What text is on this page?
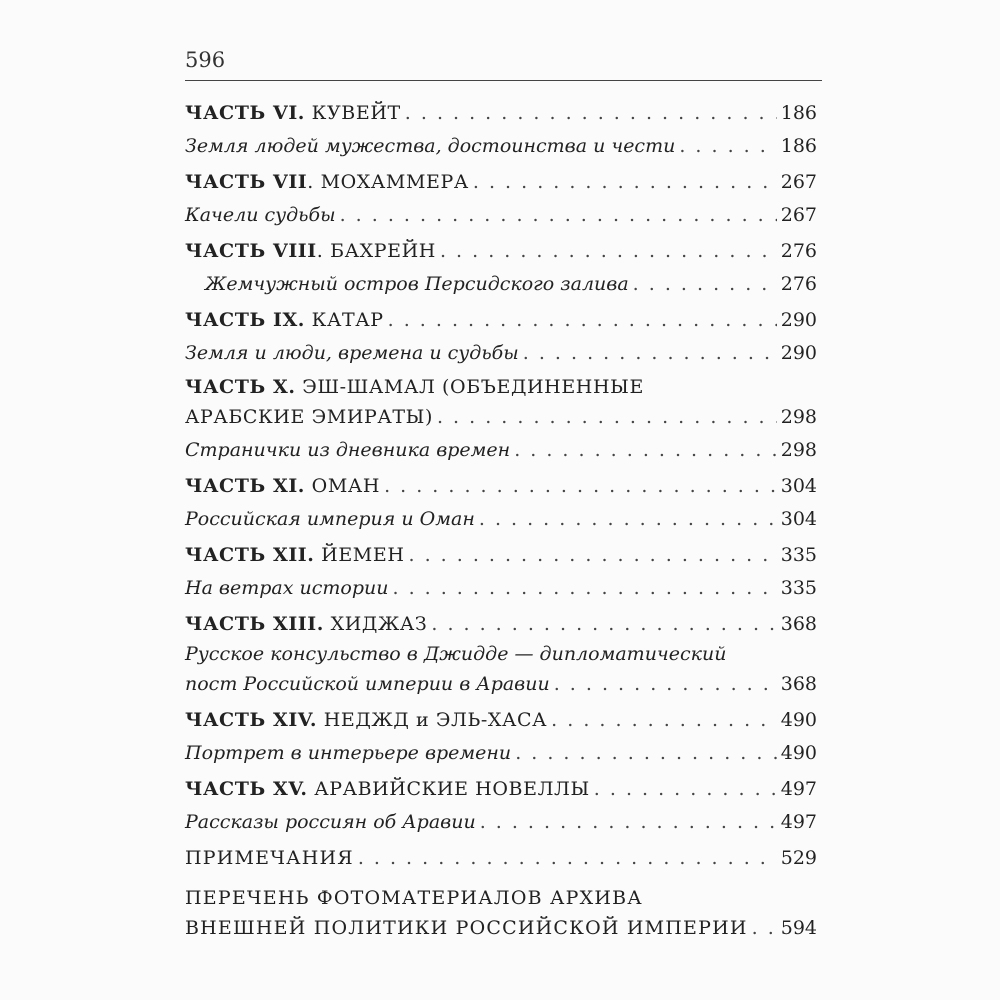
596
ЧАСТЬ VI. КУВЕЙТ . . .	186
Земля людей мужества, достоинства и чести . . .	186
ЧАСТЬ VII. МОХАММЕРА . . .	267
Качели судьбы . . .	267
ЧАСТЬ VIII. БАХРЕЙН . . .	276
Жемчужный остров Персидского залива . . .	276
ЧАСТЬ IX. КАТАР . . .	290
Земля и люди, времена и судьбы . . .	290
ЧАСТЬ X. ЭШ-ШАМАЛ (ОБЪЕДИНЕННЫЕ
АРАБСКИЕ ЭМИРАТЫ) . . .	298
Странички из дневника времен . . .	298
ЧАСТЬ XI. ОМАН . . .	304
Российская империя и Оман . . .	304
ЧАСТЬ XII. ЙЕМЕН . . .	335
На ветрах истории . . .	335
ЧАСТЬ XIII. ХИДЖАЗ . . .	368
Русское консульство в Джидде — дипломатический
пост Российской империи в Аравии . . .	368
ЧАСТЬ XIV. НЕДЖД и ЭЛЬ-ХАСА . . .	490
Портрет в интерьере времени . . .	490
ЧАСТЬ XV. АРАВИЙСКИЕ НОВЕЛЛЫ . . .	497
Рассказы россиян об Аравии . . .	497
ПРИМЕЧАНИЯ . . .	529
ПЕРЕЧЕНЬ ФОТОМАТЕРИАЛОВ АРХИВА
ВНЕШНЕЙ ПОЛИТИКИ РОССИЙСКОЙ ИМПЕРИИ . . . 594
